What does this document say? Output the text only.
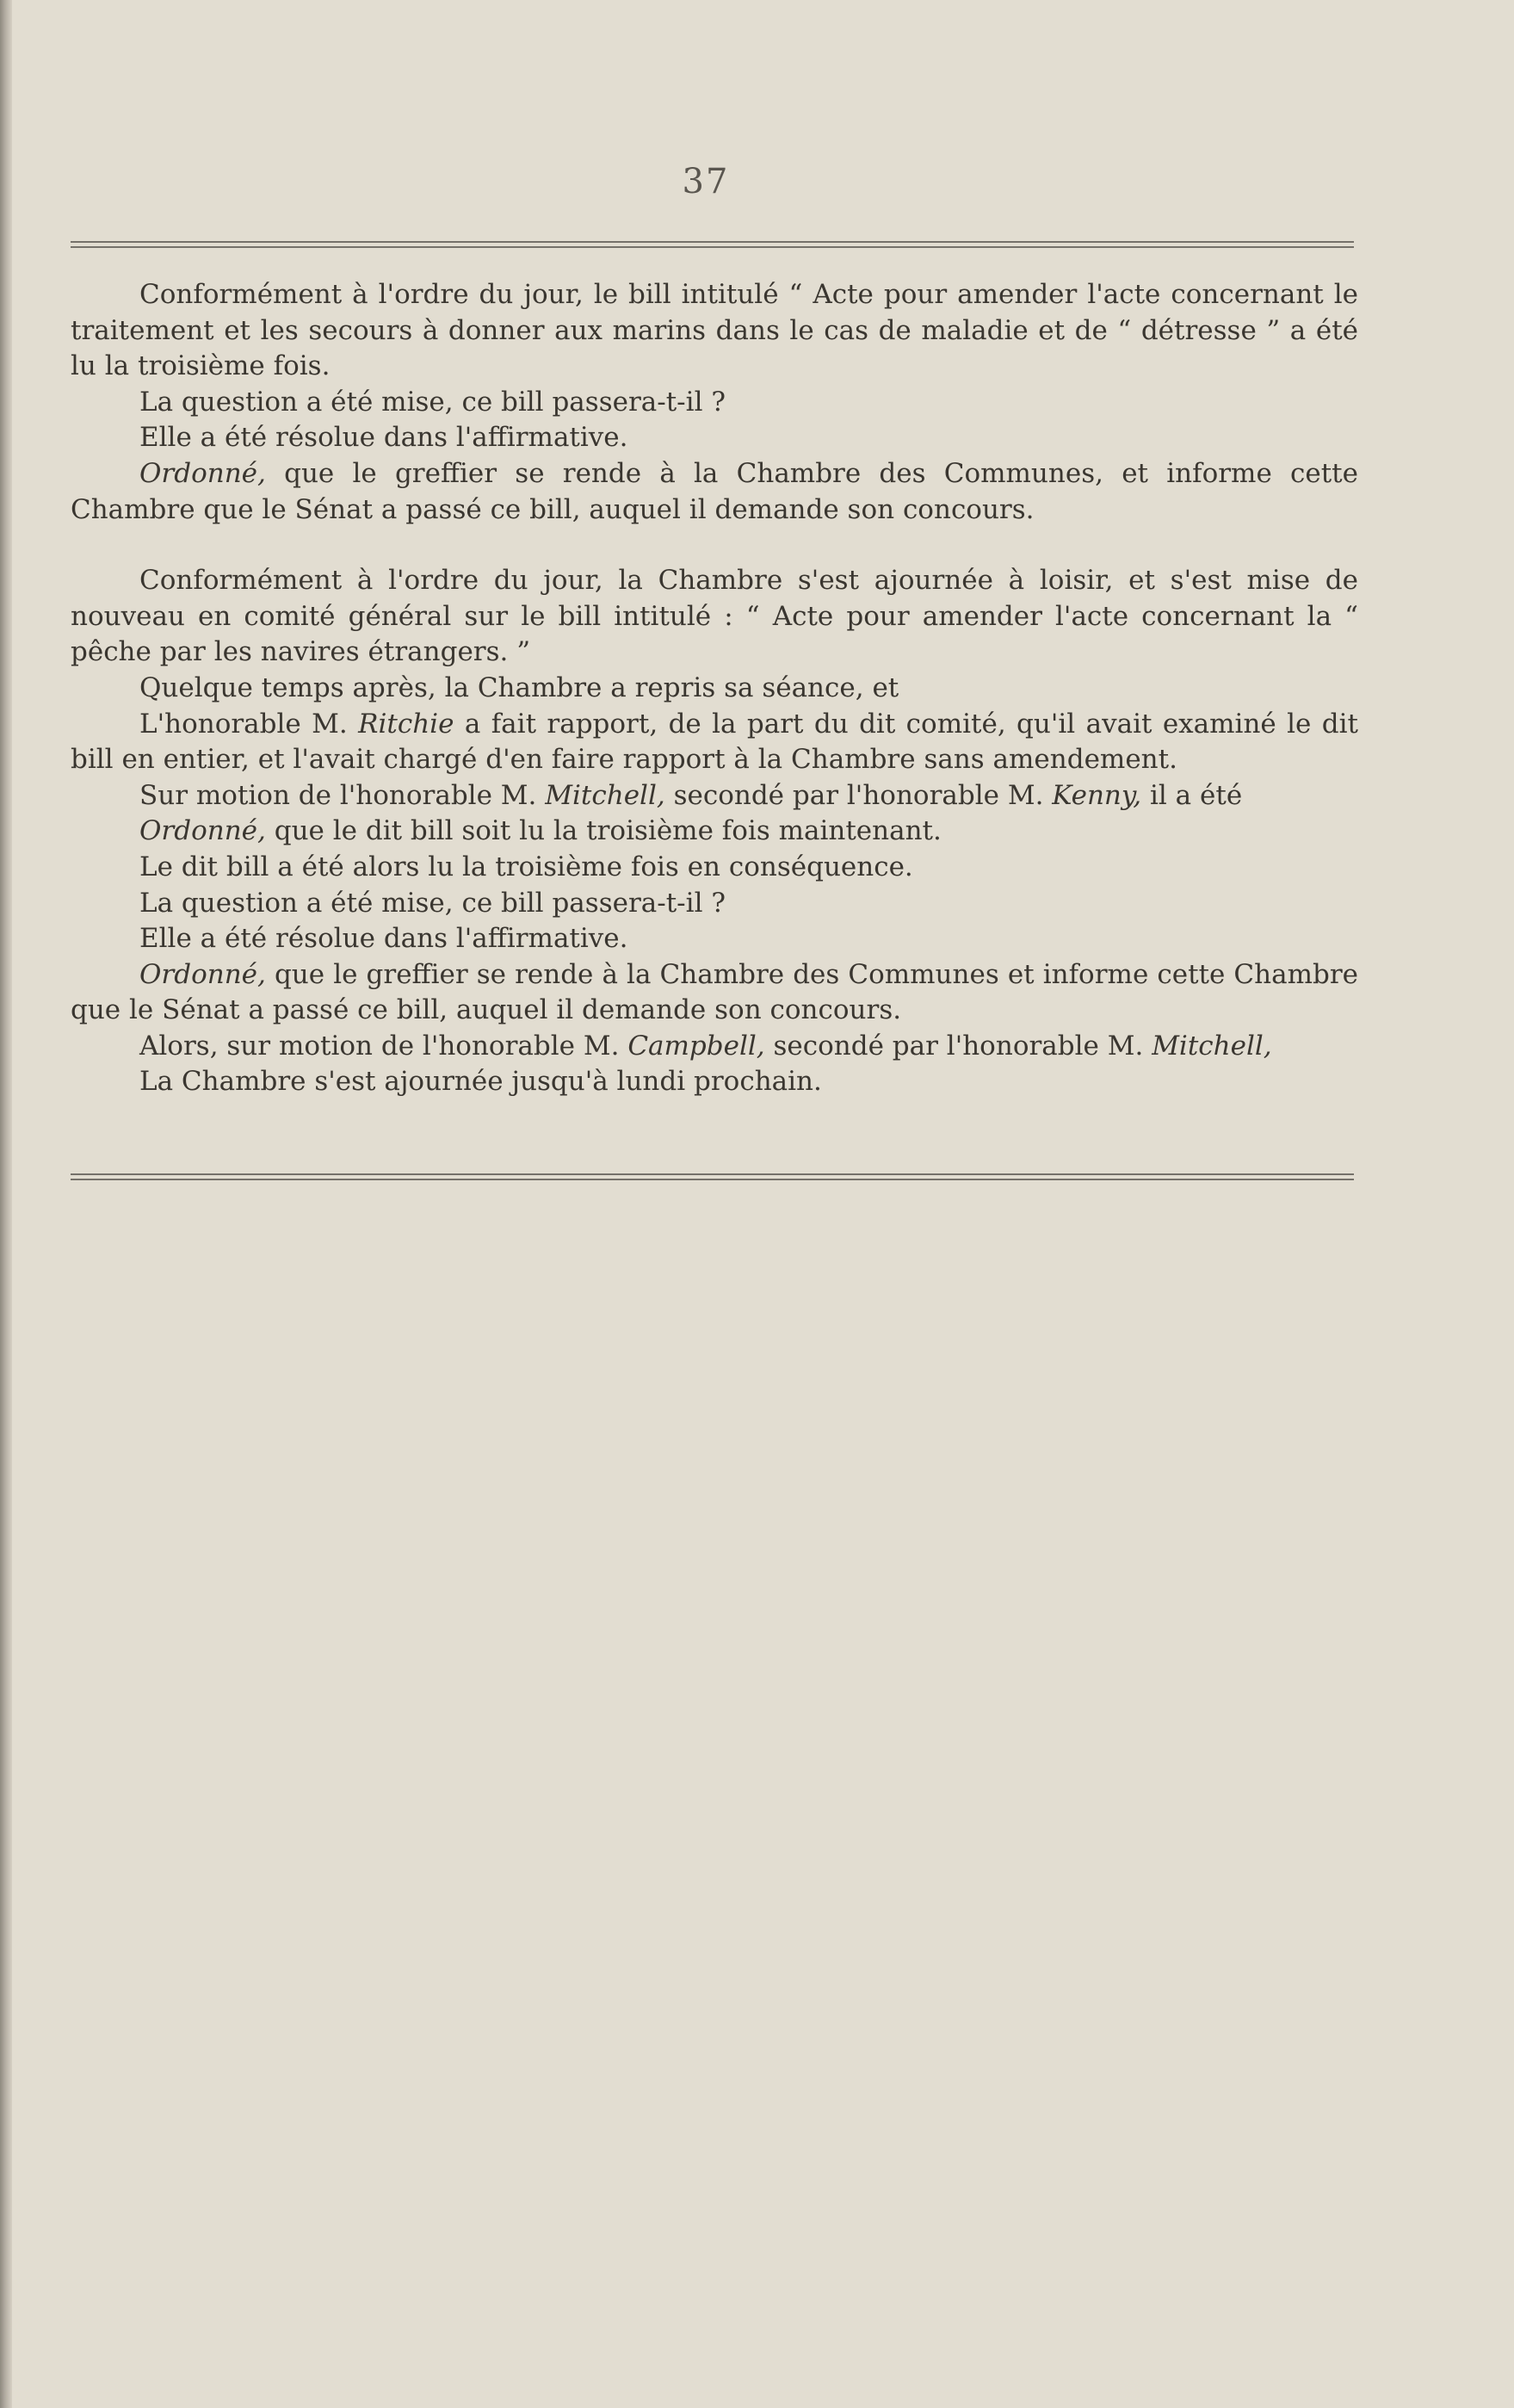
37

Conformément à l'ordre du jour, le bill intitulé “ Acte pour amender l'acte concernant le traitement et les secours à donner aux marins dans le cas de maladie et de “ détresse ” a été lu la troisième fois.

La question a été mise, ce bill passera-t-il ?

Elle a été résolue dans l'affirmative.

Ordonné, que le greffier se rende à la Chambre des Communes, et informe cette Chambre que le Sénat a passé ce bill, auquel il demande son concours.

Conformément à l'ordre du jour, la Chambre s'est ajournée à loisir, et s'est mise de nouveau en comité général sur le bill intitulé : “ Acte pour amender l'acte concernant la “ pêche par les navires étrangers. ”

Quelque temps après, la Chambre a repris sa séance, et

L'honorable M. Ritchie a fait rapport, de la part du dit comité, qu'il avait examiné le dit bill en entier, et l'avait chargé d'en faire rapport à la Chambre sans amendement.

Sur motion de l'honorable M. Mitchell, secondé par l'honorable M. Kenny, il a été

Ordonné, que le dit bill soit lu la troisième fois maintenant.

Le dit bill a été alors lu la troisième fois en conséquence.

La question a été mise, ce bill passera-t-il ?

Elle a été résolue dans l'affirmative.

Ordonné, que le greffier se rende à la Chambre des Communes et informe cette Chambre que le Sénat a passé ce bill, auquel il demande son concours.

Alors, sur motion de l'honorable M. Campbell, secondé par l'honorable M. Mitchell,

La Chambre s'est ajournée jusqu'à lundi prochain.
